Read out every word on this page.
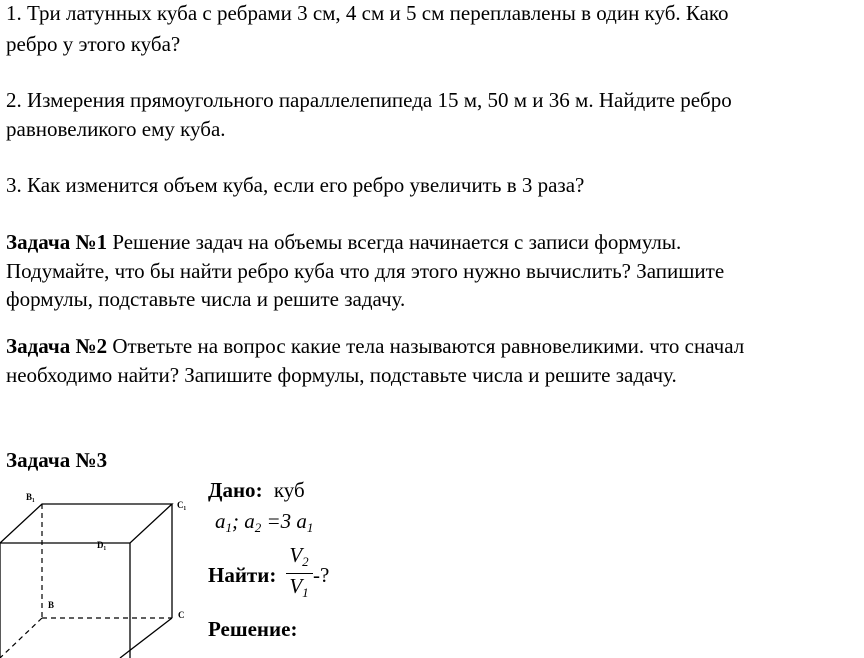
1. Три латунных куба с ребрами 3 см, 4 см и 5 см переплавлены в один куб. Како
ребро у этого куба?
2. Измерения прямоугольного параллелепипеда 15 м, 50 м и 36 м. Найдите ребро
равновеликого ему куба.
3. Как изменится объем куба, если его ребро увеличить в 3 раза?
Задача №1 Решение задач на объемы всегда начинается с записи формулы.
Подумайте, что бы найти ребро куба что для этого нужно вычислить? Запишите
формулы, подставьте числа и решите задачу.
Задача №2 Ответьте на вопрос какие тела называются равновеликими. что сначал
необходимо найти? Запишите формулы, подставьте числа и решите задачу.
Задача №3
B₁
C₁
D₁
B
C
Дано: куб
$a_1$; $a_2 =3$ $a_1$
Найти:
$V_2$
$V_1$
-?
Решение:
